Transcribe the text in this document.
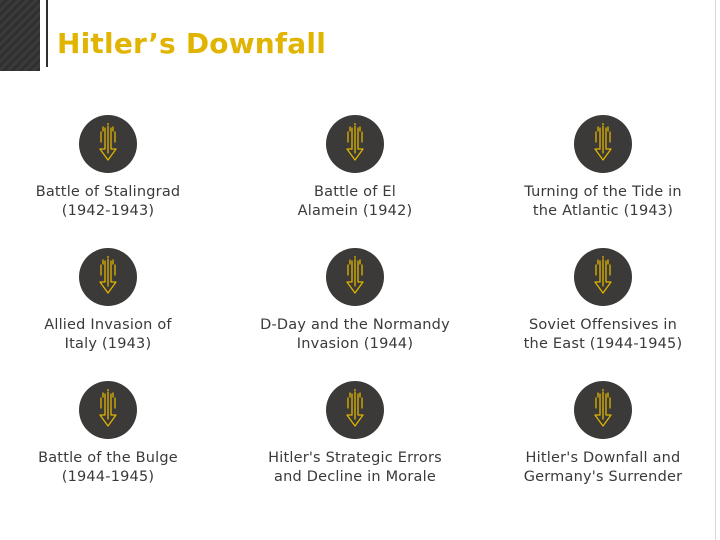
Hitler’s Downfall
Battle of Stalingrad
(1942-1943)
Battle of El
Alamein (1942)
Turning of the Tide in
the Atlantic (1943)
Allied Invasion of
Italy (1943)
D-Day and the Normandy
Invasion (1944)
Soviet Offensives in
the East (1944-1945)
Battle of the Bulge
(1944-1945)
Hitler's Strategic Errors
and Decline in Morale
Hitler's Downfall and
Germany's Surrender
